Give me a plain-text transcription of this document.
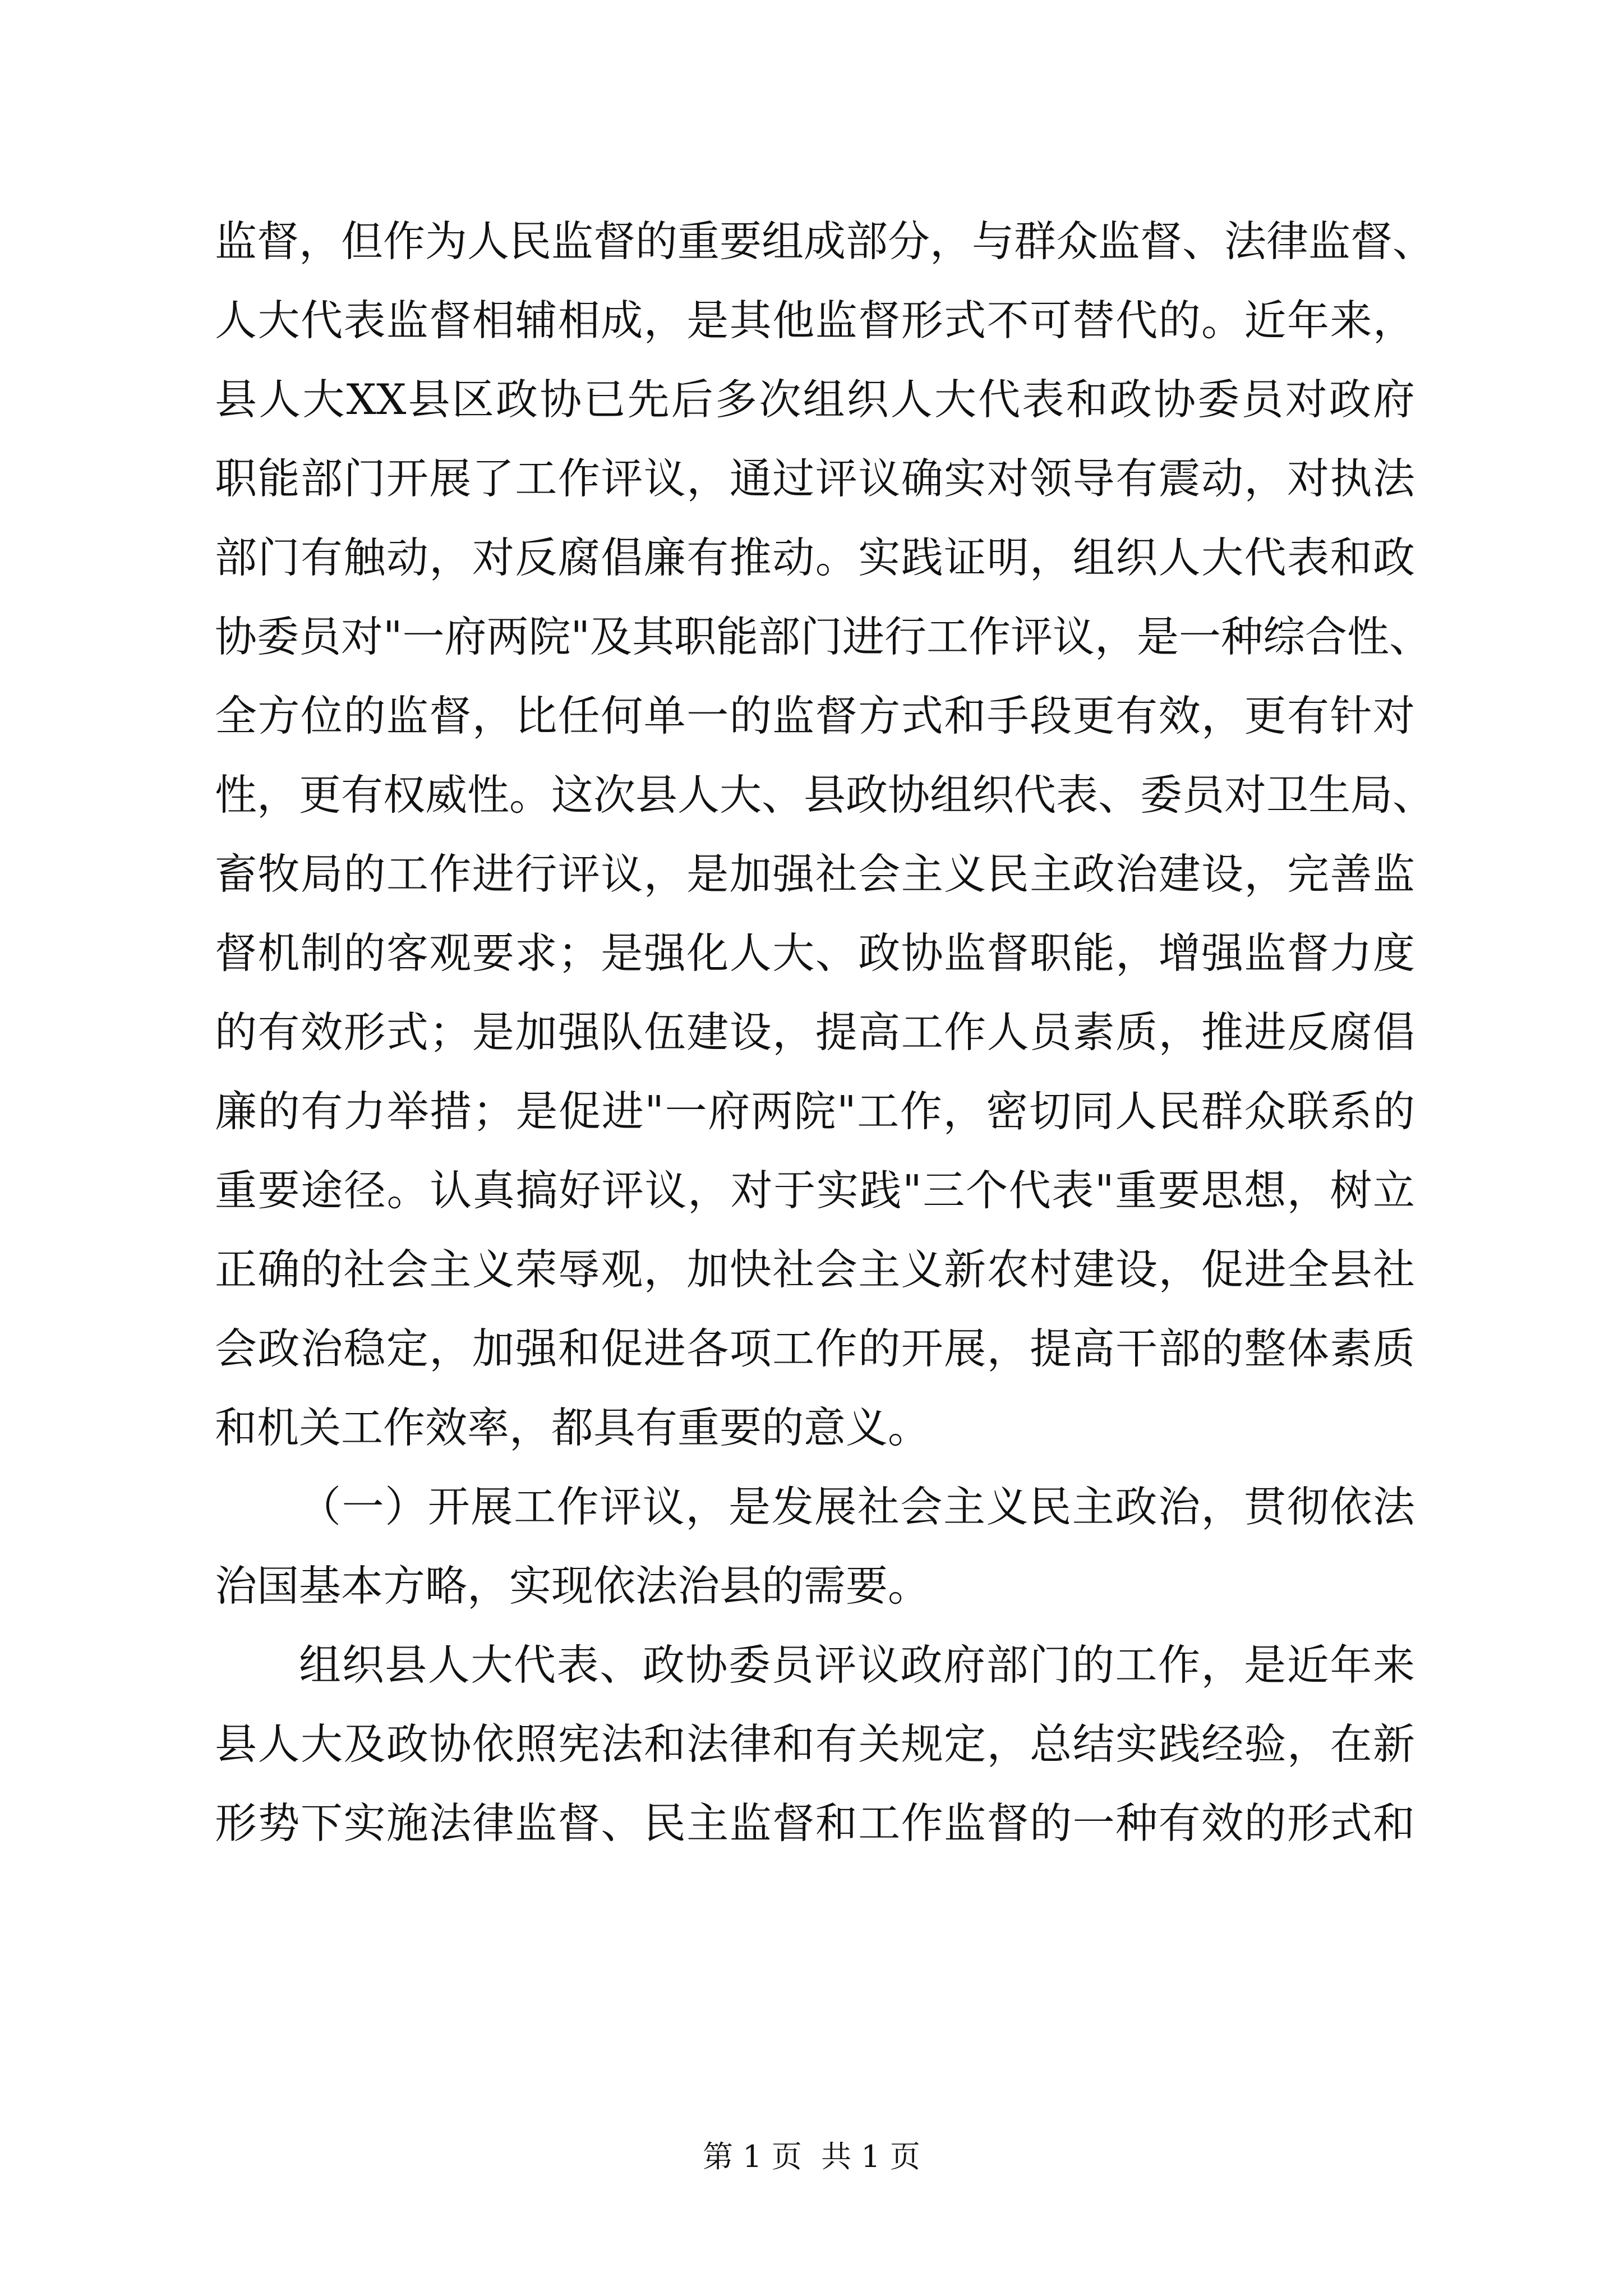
监督，但作为人民监督的重要组成部分，与群众监督、法律监督、
人大代表监督相辅相成，是其他监督形式不可替代的。近年来，
县人大XX县区政协已先后多次组织人大代表和政协委员对政府
职能部门开展了工作评议，通过评议确实对领导有震动，对执法
部门有触动，对反腐倡廉有推动。实践证明，组织人大代表和政
协委员对"一府两院"及其职能部门进行工作评议，是一种综合性、
全方位的监督，比任何单一的监督方式和手段更有效，更有针对
性，更有权威性。这次县人大、县政协组织代表、委员对卫生局、
畜牧局的工作进行评议，是加强社会主义民主政治建设，完善监
督机制的客观要求；是强化人大、政协监督职能，增强监督力度
的有效形式；是加强队伍建设，提高工作人员素质，推进反腐倡
廉的有力举措；是促进"一府两院"工作，密切同人民群众联系的
重要途径。认真搞好评议，对于实践"三个代表"重要思想，树立
正确的社会主义荣辱观，加快社会主义新农村建设，促进全县社
会政治稳定，加强和促进各项工作的开展，提高干部的整体素质
和机关工作效率，都具有重要的意义。
（一）开展工作评议，是发展社会主义民主政治，贯彻依法
治国基本方略，实现依法治县的需要。
组织县人大代表、政协委员评议政府部门的工作，是近年来
县人大及政协依照宪法和法律和有关规定，总结实践经验，在新
形势下实施法律监督、民主监督和工作监督的一种有效的形式和
第 1 页  共 1 页
